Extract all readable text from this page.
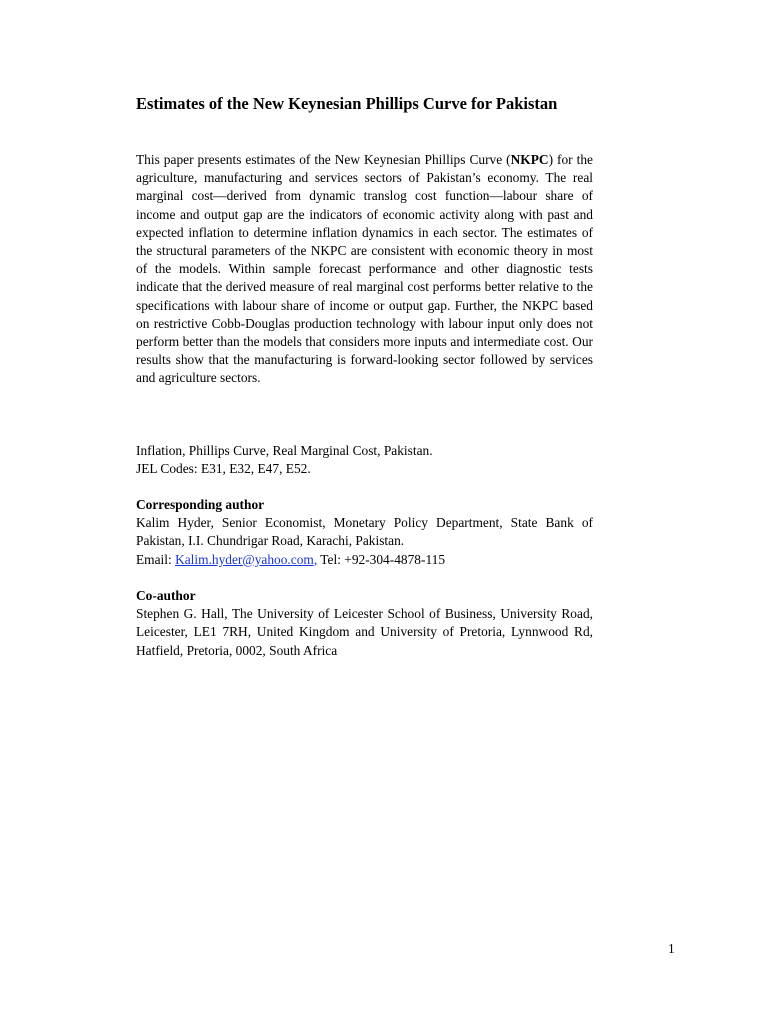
Estimates of the New Keynesian Phillips Curve for Pakistan

This paper presents estimates of the New Keynesian Phillips Curve (NKPC) for the agriculture, manufacturing and services sectors of Pakistan’s economy. The real marginal cost—derived from dynamic translog cost function—labour share of income and output gap are the indicators of economic activity along with past and expected inflation to determine inflation dynamics in each sector. The estimates of the structural parameters of the NKPC are consistent with economic theory in most of the models. Within sample forecast performance and other diagnostic tests indicate that the derived measure of real marginal cost performs better relative to the specifications with labour share of income or output gap. Further, the NKPC based on restrictive Cobb-Douglas production technology with labour input only does not perform better than the models that considers more inputs and intermediate cost. Our results show that the manufacturing is forward-looking sector followed by services and agriculture sectors.

Inflation, Phillips Curve, Real Marginal Cost, Pakistan.
JEL Codes: E31, E32, E47, E52.

Corresponding author

Kalim Hyder, Senior Economist, Monetary Policy Department, State Bank of Pakistan, I.I. Chundrigar Road, Karachi, Pakistan.

Email: Kalim.hyder@yahoo.com, Tel: +92-304-4878-115

Co-author

Stephen G. Hall, The University of Leicester School of Business, University Road, Leicester, LE1 7RH, United Kingdom and University of Pretoria, Lynnwood Rd, Hatfield, Pretoria, 0002, South Africa

1
